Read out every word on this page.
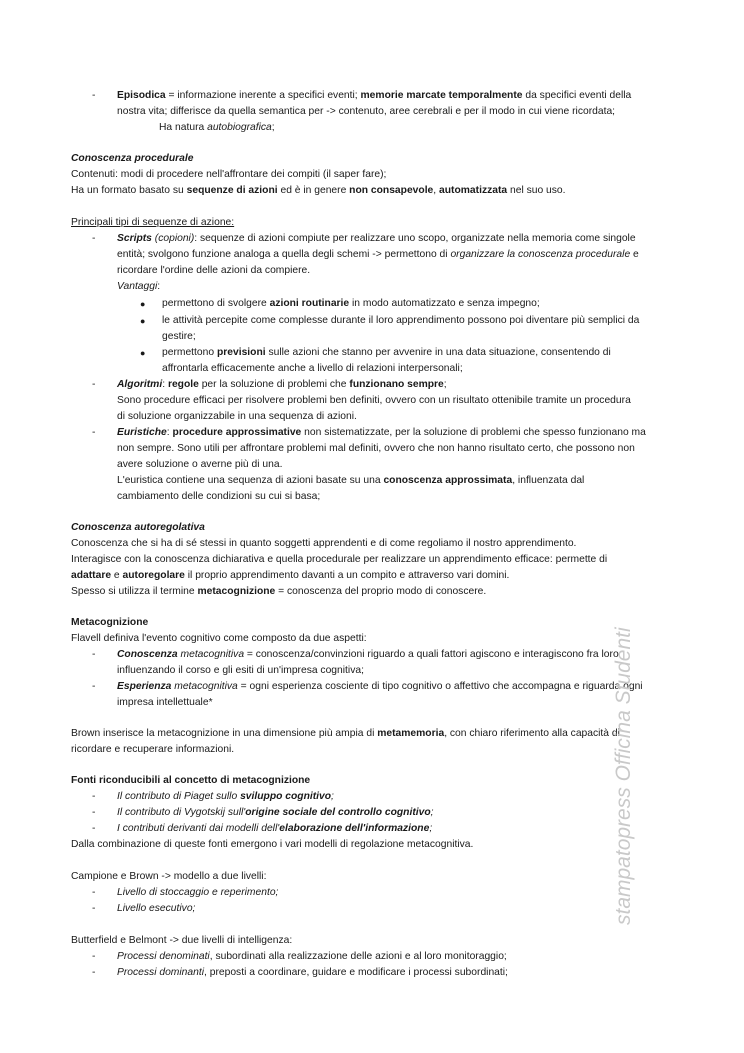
- Episodica = informazione inerente a specifici eventi; memorie marcate temporalmente da specifici eventi della

nostra vita; differisce da quella semantica per -> contenuto, aree cerebrali e per il modo in cui viene ricordata;

Ha natura autobiografica;

Conoscenza procedurale

Contenuti: modi di procedere nell'affrontare dei compiti (il saper fare);

Ha un formato basato su sequenze di azioni ed è in genere non consapevole, automatizzata nel suo uso.

Principali tipi di sequenze di azione:

- Scripts (copioni): sequenze di azioni compiute per realizzare uno scopo, organizzate nella memoria come singole

entità; svolgono funzione analoga a quella degli schemi -> permettono di organizzare la conoscenza procedurale e

ricordare l'ordine delle azioni da compiere.

Vantaggi:

● permettono di svolgere azioni routinarie in modo automatizzato e senza impegno;

● le attività percepite come complesse durante il loro apprendimento possono poi diventare più semplici da

gestire;

● permettono previsioni sulle azioni che stanno per avvenire in una data situazione, consentendo di

affrontarla efficacemente anche a livello di relazioni interpersonali;

- Algoritmi: regole per la soluzione di problemi che funzionano sempre;

Sono procedure efficaci per risolvere problemi ben definiti, ovvero con un risultato ottenibile tramite un procedura

di soluzione organizzabile in una sequenza di azioni.

- Euristiche: procedure approssimative non sistematizzate, per la soluzione di problemi che spesso funzionano ma

non sempre. Sono utili per affrontare problemi mal definiti, ovvero che non hanno risultato certo, che possono non

avere soluzione o averne più di una.

L'euristica contiene una sequenza di azioni basate su una conoscenza approssimata, influenzata dal

cambiamento delle condizioni su cui si basa;

Conoscenza autoregolativa

Conoscenza che si ha di sé stessi in quanto soggetti apprendenti e di come regoliamo il nostro apprendimento.

Interagisce con la conoscenza dichiarativa e quella procedurale per realizzare un apprendimento efficace: permette di

adattare e autoregolare il proprio apprendimento davanti a un compito e attraverso vari domini.

Spesso si utilizza il termine metacognizione = conoscenza del proprio modo di conoscere.

Metacognizione

Flavell definiva l'evento cognitivo come composto da due aspetti:

- Conoscenza metacognitiva = conoscenza/convinzioni riguardo a quali fattori agiscono e interagiscono fra loro

influenzando il corso e gli esiti di un'impresa cognitiva;

- Esperienza metacognitiva = ogni esperienza cosciente di tipo cognitivo o affettivo che accompagna e riguarda ogni

impresa intellettuale*

Brown inserisce la metacognizione in una dimensione più ampia di metamemoria, con chiaro riferimento alla capacità di

ricordare e recuperare informazioni.

Fonti riconducibili al concetto di metacognizione

- Il contributo di Piaget sullo sviluppo cognitivo;

- Il contributo di Vygotskij sull'origine sociale del controllo cognitivo;

- I contributi derivanti dai modelli dell'elaborazione dell'informazione;

Dalla combinazione di queste fonti emergono i vari modelli di regolazione metacognitiva.

Campione e Brown -> modello a due livelli:

- Livello di stoccaggio e reperimento;

- Livello esecutivo;

Butterfield e Belmont -> due livelli di intelligenza:

- Processi denominati, subordinati alla realizzazione delle azioni e al loro monitoraggio;

- Processi dominanti, preposti a coordinare, guidare e modificare i processi subordinati;

stampatopress Officina Studenti
